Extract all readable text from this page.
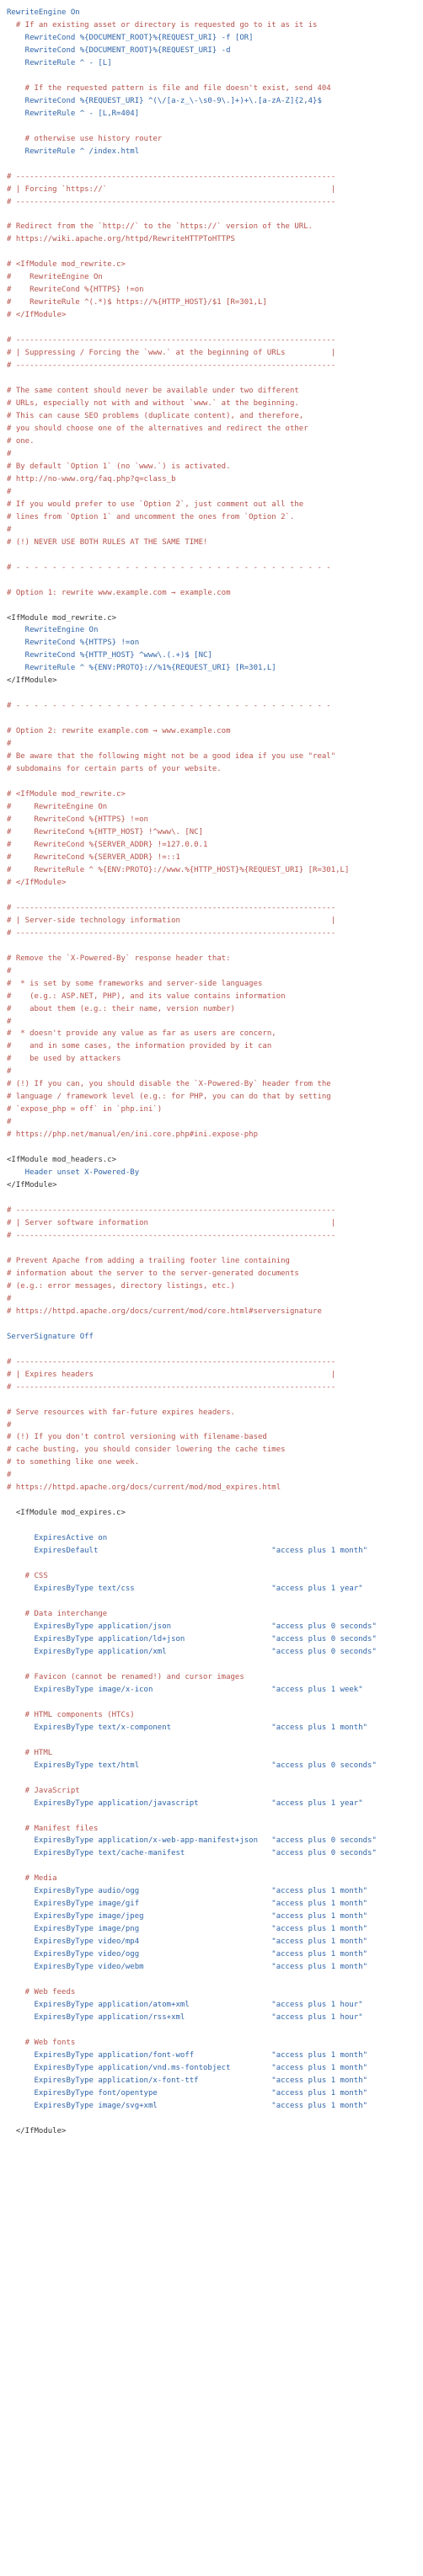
RewriteEngine On
# If an existing asset or directory is requested go to it as it is
RewriteCond %{DOCUMENT_ROOT}%{REQUEST_URI} -f [OR]
RewriteCond %{DOCUMENT_ROOT}%{REQUEST_URI} -d
RewriteRule ^ - [L]
# If the requested pattern is file and file doesn't exist, send 404
RewriteCond %{REQUEST_URI} ^(\/[a-z_\-\s0-9\.]+)+\.[a-zA-Z]{2,4}$
RewriteRule ^ - [L,R=404]
# otherwise use history router
RewriteRule ^ /index.html
# ----------------------------------------------------------------------
# | Forcing `https://`                                                 |
# ----------------------------------------------------------------------
# Redirect from the `http://` to the `https://` version of the URL.
# https://wiki.apache.org/httpd/RewriteHTTPToHTTPS
# <IfModule mod_rewrite.c>
#    RewriteEngine On
#    RewriteCond %{HTTPS} !=on
#    RewriteRule ^(.*)$ https://%{HTTP_HOST}/$1 [R=301,L]
# </IfModule>
# ----------------------------------------------------------------------
# | Suppressing / Forcing the `www.` at the beginning of URLs          |
# ----------------------------------------------------------------------
# The same content should never be available under two different
# URLs, especially not with and without `www.` at the beginning.
# This can cause SEO problems (duplicate content), and therefore,
# you should choose one of the alternatives and redirect the other
# one.
#
# By default `Option 1` (no `www.`) is activated.
# http://no-www.org/faq.php?q=class_b
#
# If you would prefer to use `Option 2`, just comment out all the
# lines from `Option 1` and uncomment the ones from `Option 2`.
#
# (!) NEVER USE BOTH RULES AT THE SAME TIME!
# - - - - - - - - - - - - - - - - - - - - - - - - - - - - - - - - - - -
# Option 1: rewrite www.example.com → example.com
<IfModule mod_rewrite.c>
RewriteEngine On
RewriteCond %{HTTPS} !=on
RewriteCond %{HTTP_HOST} ^www\.(.+)$ [NC]
RewriteRule ^ %{ENV:PROTO}://%1%{REQUEST_URI} [R=301,L]
</IfModule>
# - - - - - - - - - - - - - - - - - - - - - - - - - - - - - - - - - - -
# Option 2: rewrite example.com → www.example.com
#
# Be aware that the following might not be a good idea if you use "real"
# subdomains for certain parts of your website.
# <IfModule mod_rewrite.c>
#     RewriteEngine On
#     RewriteCond %{HTTPS} !=on
#     RewriteCond %{HTTP_HOST} !^www\. [NC]
#     RewriteCond %{SERVER_ADDR} !=127.0.0.1
#     RewriteCond %{SERVER_ADDR} !=::1
#     RewriteRule ^ %{ENV:PROTO}://www.%{HTTP_HOST}%{REQUEST_URI} [R=301,L]
# </IfModule>
# ----------------------------------------------------------------------
# | Server-side technology information                                 |
# ----------------------------------------------------------------------
# Remove the `X-Powered-By` response header that:
#
#  * is set by some frameworks and server-side languages
#    (e.g.: ASP.NET, PHP), and its value contains information
#    about them (e.g.: their name, version number)
#
#  * doesn't provide any value as far as users are concern,
#    and in some cases, the information provided by it can
#    be used by attackers
#
# (!) If you can, you should disable the `X-Powered-By` header from the
# language / framework level (e.g.: for PHP, you can do that by setting
# `expose_php = off` in `php.ini`)
#
# https://php.net/manual/en/ini.core.php#ini.expose-php
<IfModule mod_headers.c>
Header unset X-Powered-By
</IfModule>
# ----------------------------------------------------------------------
# | Server software information                                        |
# ----------------------------------------------------------------------
# Prevent Apache from adding a trailing footer line containing
# information about the server to the server-generated documents
# (e.g.: error messages, directory listings, etc.)
#
# https://httpd.apache.org/docs/current/mod/core.html#serversignature
ServerSignature Off
# ----------------------------------------------------------------------
# | Expires headers                                                    |
# ----------------------------------------------------------------------
# Serve resources with far-future expires headers.
#
# (!) If you don't control versioning with filename-based
# cache busting, you should consider lowering the cache times
# to something like one week.
#
# https://httpd.apache.org/docs/current/mod/mod_expires.html
<IfModule mod_expires.c>
ExpiresActive on
ExpiresDefault                                      "access plus 1 month"
# CSS
ExpiresByType text/css                              "access plus 1 year"
# Data interchange
ExpiresByType application/json                      "access plus 0 seconds"
ExpiresByType application/ld+json                   "access plus 0 seconds"
ExpiresByType application/xml                       "access plus 0 seconds"
# Favicon (cannot be renamed!) and cursor images
ExpiresByType image/x-icon                          "access plus 1 week"
# HTML components (HTCs)
ExpiresByType text/x-component                      "access plus 1 month"
# HTML
ExpiresByType text/html                             "access plus 0 seconds"
# JavaScript
ExpiresByType application/javascript                "access plus 1 year"
# Manifest files
ExpiresByType application/x-web-app-manifest+json   "access plus 0 seconds"
ExpiresByType text/cache-manifest                   "access plus 0 seconds"
# Media
ExpiresByType audio/ogg                             "access plus 1 month"
ExpiresByType image/gif                             "access plus 1 month"
ExpiresByType image/jpeg                            "access plus 1 month"
ExpiresByType image/png                             "access plus 1 month"
ExpiresByType video/mp4                             "access plus 1 month"
ExpiresByType video/ogg                             "access plus 1 month"
ExpiresByType video/webm                            "access plus 1 month"
# Web feeds
ExpiresByType application/atom+xml                  "access plus 1 hour"
ExpiresByType application/rss+xml                   "access plus 1 hour"
# Web fonts
ExpiresByType application/font-woff                 "access plus 1 month"
ExpiresByType application/vnd.ms-fontobject         "access plus 1 month"
ExpiresByType application/x-font-ttf                "access plus 1 month"
ExpiresByType font/opentype                         "access plus 1 month"
ExpiresByType image/svg+xml                         "access plus 1 month"
</IfModule>
